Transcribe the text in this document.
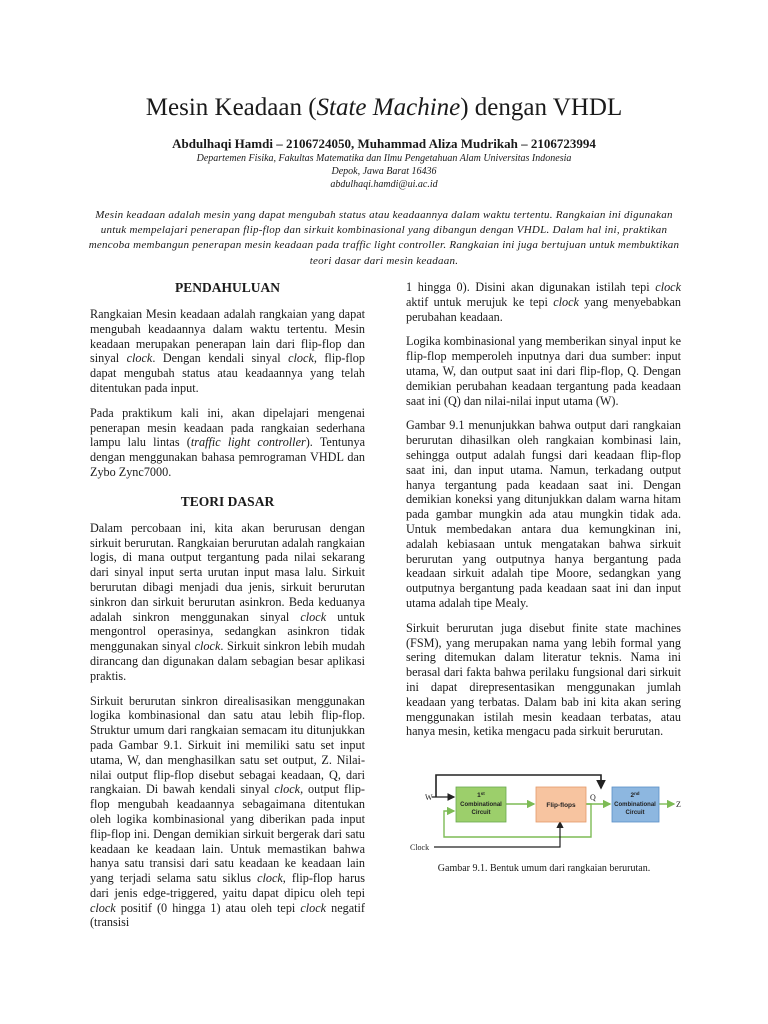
Mesin Keadaan (State Machine) dengan VHDL
Abdulhaqi Hamdi – 2106724050, Muhammad Aliza Mudrikah – 2106723994
Departemen Fisika, Fakultas Matematika dan Ilmu Pengetahuan Alam Universitas Indonesia
Depok, Jawa Barat 16436
abdulhaqi.hamdi@ui.ac.id
Mesin keadaan adalah mesin yang dapat mengubah status atau keadaannya dalam waktu tertentu. Rangkaian ini digunakan untuk mempelajari penerapan flip-flop dan sirkuit kombinasional yang dibangun dengan VHDL. Dalam hal ini, praktikan mencoba membangun penerapan mesin keadaan pada traffic light controller. Rangkaian ini juga bertujuan untuk membuktikan teori dasar dari mesin keadaan.
PENDAHULUAN

Rangkaian Mesin keadaan adalah rangkaian yang dapat mengubah keadaannya dalam waktu tertentu. Mesin keadaan merupakan penerapan lain dari flip-flop dan sinyal clock. Dengan kendali sinyal clock, flip-flop dapat mengubah status atau keadaannya yang telah ditentukan pada input.

Pada praktikum kali ini, akan dipelajari mengenai penerapan mesin keadaan pada rangkaian sederhana lampu lalu lintas (traffic light controller). Tentunya dengan menggunakan bahasa pemrograman VHDL dan Zybo Zync7000.

TEORI DASAR

Dalam percobaan ini, kita akan berurusan dengan sirkuit berurutan. Rangkaian berurutan adalah rangkaian logis, di mana output tergantung pada nilai sekarang dari sinyal input serta urutan input masa lalu. Sirkuit berurutan dibagi menjadi dua jenis, sirkuit berurutan sinkron dan sirkuit berurutan asinkron. Beda keduanya adalah sinkron menggunakan sinyal clock untuk mengontrol operasinya, sedangkan asinkron tidak menggunakan sinyal clock. Sirkuit sinkron lebih mudah dirancang dan digunakan dalam sebagian besar aplikasi praktis.

Sirkuit berurutan sinkron direalisasikan menggunakan logika kombinasional dan satu atau lebih flip-flop. Struktur umum dari rangkaian semacam itu ditunjukkan pada Gambar 9.1. Sirkuit ini memiliki satu set input utama, W, dan menghasilkan satu set output, Z. Nilai-nilai output flip-flop disebut sebagai keadaan, Q, dari rangkaian. Di bawah kendali sinyal clock, output flip-flop mengubah keadaannya sebagaimana ditentukan oleh logika kombinasional yang diberikan pada input flip-flop ini. Dengan demikian sirkuit bergerak dari satu keadaan ke keadaan lain. Untuk memastikan bahwa hanya satu transisi dari satu keadaan ke keadaan lain yang terjadi selama satu siklus clock, flip-flop harus dari jenis edge-triggered, yaitu dapat dipicu oleh tepi clock positif (0 hingga 1) atau oleh tepi clock negatif (transisi

1 hingga 0). Disini akan digunakan istilah tepi clock aktif untuk merujuk ke tepi clock yang menyebabkan perubahan keadaan.

Logika kombinasional yang memberikan sinyal input ke flip-flop memperoleh inputnya dari dua sumber: input utama, W, dan output saat ini dari flip-flop, Q. Dengan demikian perubahan keadaan tergantung pada keadaan saat ini (Q) dan nilai-nilai input utama (W).

Gambar 9.1 menunjukkan bahwa output dari rangkaian berurutan dihasilkan oleh rangkaian kombinasi lain, sehingga output adalah fungsi dari keadaan flip-flop saat ini, dan input utama. Namun, terkadang output hanya tergantung pada keadaan saat ini. Dengan demikian koneksi yang ditunjukkan dalam warna hitam pada gambar mungkin ada atau mungkin tidak ada. Untuk membedakan antara dua kemungkinan ini, adalah kebiasaan untuk mengatakan bahwa sirkuit berurutan yang outputnya hanya bergantung pada keadaan sirkuit adalah tipe Moore, sedangkan yang outputnya bergantung pada keadaan saat ini dan input utama adalah tipe Mealy.

Sirkuit berurutan juga disebut finite state machines (FSM), yang merupakan nama yang lebih formal yang sering ditemukan dalam literatur teknis. Nama ini berasal dari fakta bahwa perilaku fungsional dari sirkuit ini dapat direpresentasikan menggunakan jumlah keadaan yang terbatas. Dalam bab ini kita akan sering menggunakan istilah mesin keadaan terbatas, atau hanya mesin, ketika mengacu pada sirkuit berurutan.

1st
Combinational
Circuit
Flip-flops
2nd
Combinational
Circuit
W	Q
Z
Clock
Gambar 9.1. Bentuk umum dari rangkaian berurutan.
